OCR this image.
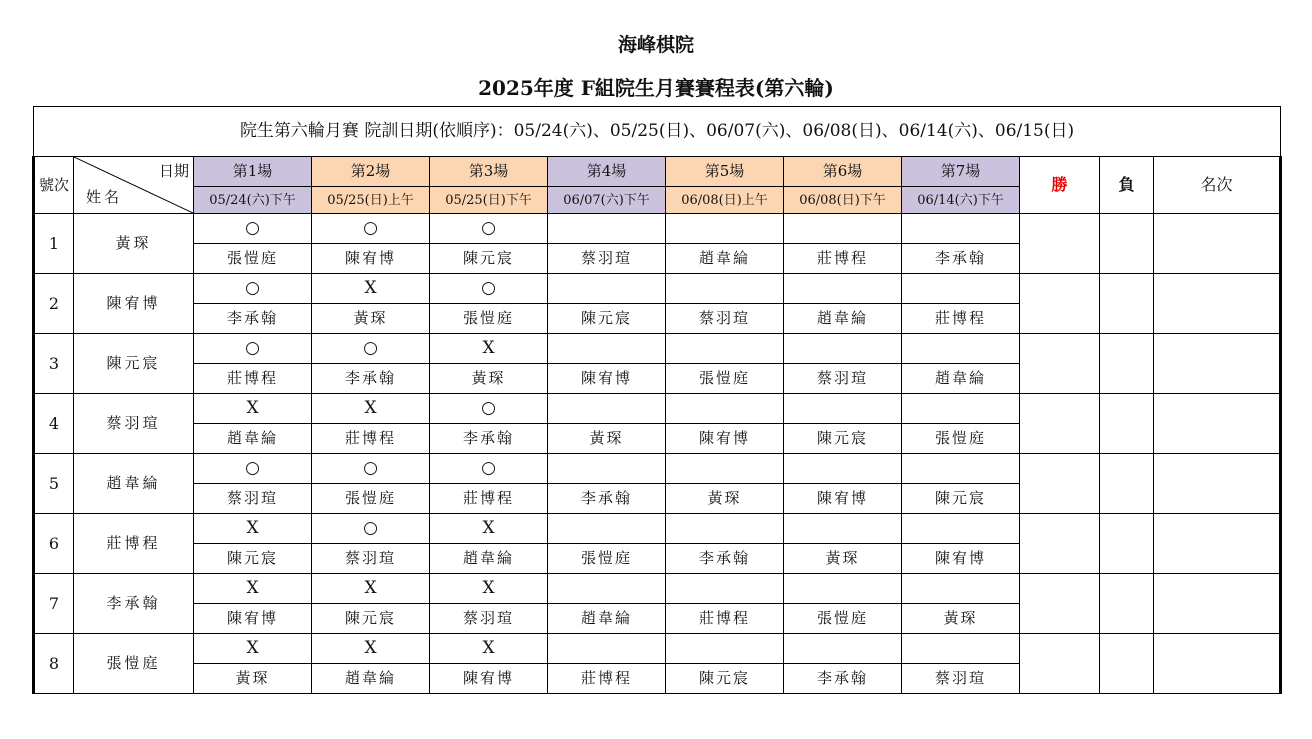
海峰棋院
2025年度 F組院生月賽賽程表(第六輪)
院生第六輪月賽 院訓日期(依順序)：05/24(六)、05/25(日)、06/07(六)、06/08(日)、06/14(六)、06/15(日)											
號次	日期
姓名	第1場	第2場	第3場	第4場	第5場	第6場	第7場	勝	負	名次
		05/24(六)下午	05/25(日)上午	05/25(日)下午	06/07(六)下午	06/08(日)上午	06/08(日)下午	06/14(六)下午			
1	黃琛	○	○	○							
		張愷庭	陳宥博	陳元宸	蔡羽瑄	趙韋綸	莊博程	李承翰			
2	陳宥博	○	X	○							
		李承翰	黃琛	張愷庭	陳元宸	蔡羽瑄	趙韋綸	莊博程			
3	陳元宸	○	○	X							
		莊博程	李承翰	黃琛	陳宥博	張愷庭	蔡羽瑄	趙韋綸			
4	蔡羽瑄	X	X	○							
		趙韋綸	莊博程	李承翰	黃琛	陳宥博	陳元宸	張愷庭			
5	趙韋綸	○	○	○							
		蔡羽瑄	張愷庭	莊博程	李承翰	黃琛	陳宥博	陳元宸			
6	莊博程	X	○	X							
		陳元宸	蔡羽瑄	趙韋綸	張愷庭	李承翰	黃琛	陳宥博			
7	李承翰	X	X	X							
		陳宥博	陳元宸	蔡羽瑄	趙韋綸	莊博程	張愷庭	黃琛			
8	張愷庭	X	X	X							
		黃琛	趙韋綸	陳宥博	莊博程	陳元宸	李承翰	蔡羽瑄			
